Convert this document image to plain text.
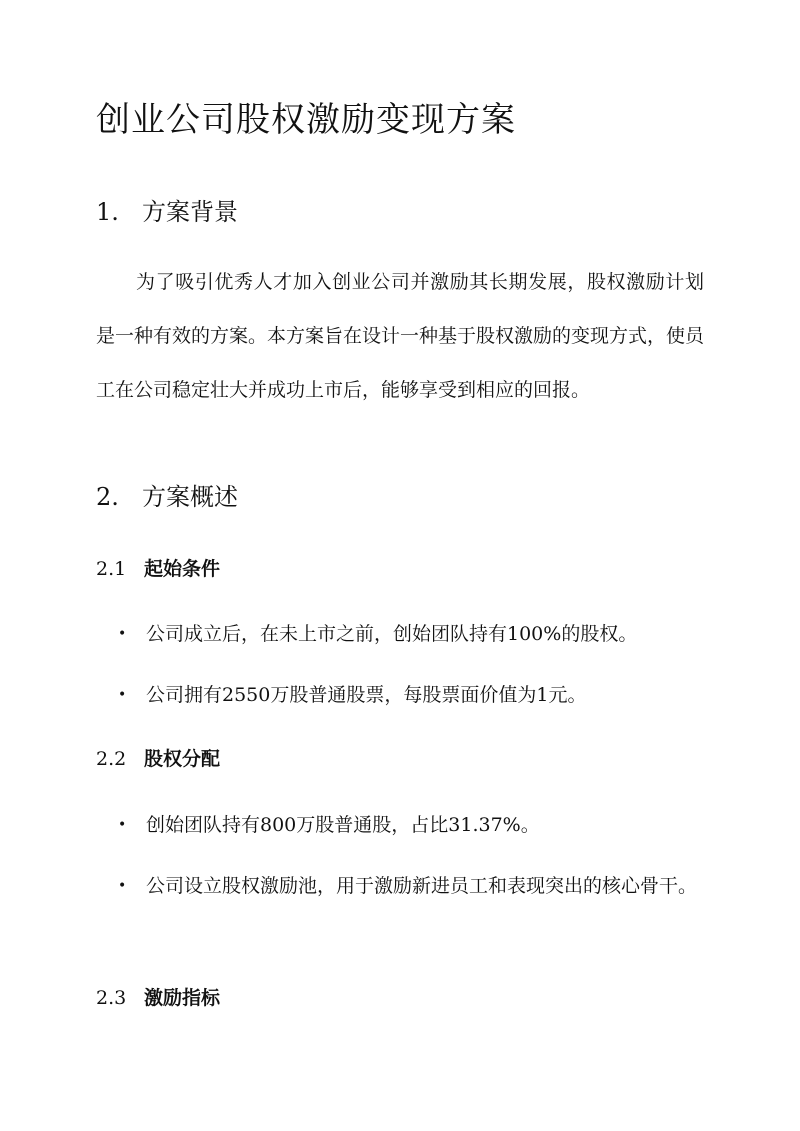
创业公司股权激励变现方案
1. 方案背景

为了吸引优秀人才加入创业公司并激励其长期发展，股权激励计划是一种有效的方案。本方案旨在设计一种基于股权激励的变现方式，使员工在公司稳定壮大并成功上市后，能够享受到相应的回报。

2. 方案概述
2.1 起始条件
•	公司成立后，在未上市之前，创始团队持有100%的股权。
•	公司拥有2550万股普通股票，每股票面价值为1元。
2.2 股权分配
•	创始团队持有800万股普通股，占比31.37%。
•	公司设立股权激励池，用于激励新进员工和表现突出的核心骨干。
2.3 激励指标
